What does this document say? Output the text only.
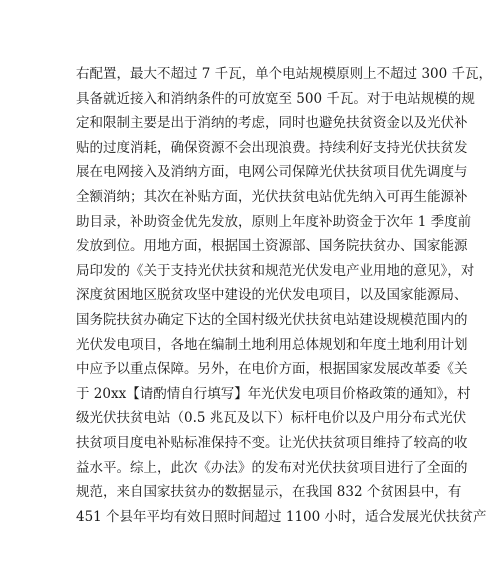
右配置，最大不超过 7 千瓦，单个电站规模原则上不超过 300 千瓦，
具备就近接入和消纳条件的可放宽至 500 千瓦。对于电站规模的规
定和限制主要是出于消纳的考虑，同时也避免扶贫资金以及光伏补
贴的过度消耗，确保资源不会出现浪费。持续利好支持光伏扶贫发
展在电网接入及消纳方面，电网公司保障光伏扶贫项目优先调度与
全额消纳；其次在补贴方面，光伏扶贫电站优先纳入可再生能源补
助目录，补助资金优先发放，原则上年度补助资金于次年 1 季度前
发放到位。用地方面，根据国土资源部、国务院扶贫办、国家能源
局印发的《关于支持光伏扶贫和规范光伏发电产业用地的意见》，对
深度贫困地区脱贫攻坚中建设的光伏发电项目，以及国家能源局、
国务院扶贫办确定下达的全国村级光伏扶贫电站建设规模范围内的
光伏发电项目，各地在编制土地利用总体规划和年度土地利用计划
中应予以重点保障。另外，在电价方面，根据国家发展改革委《关
于 20xx【请酌情自行填写】年光伏发电项目价格政策的通知》，村
级光伏扶贫电站（0.5 兆瓦及以下）标杆电价以及户用分布式光伏
扶贫项目度电补贴标准保持不变。让光伏扶贫项目维持了较高的收
益水平。综上，此次《办法》的发布对光伏扶贫项目进行了全面的
规范，来自国家扶贫办的数据显示，在我国 832 个贫困县中，有
451 个县年平均有效日照时间超过 1100 小时，适合发展光伏扶贫产
